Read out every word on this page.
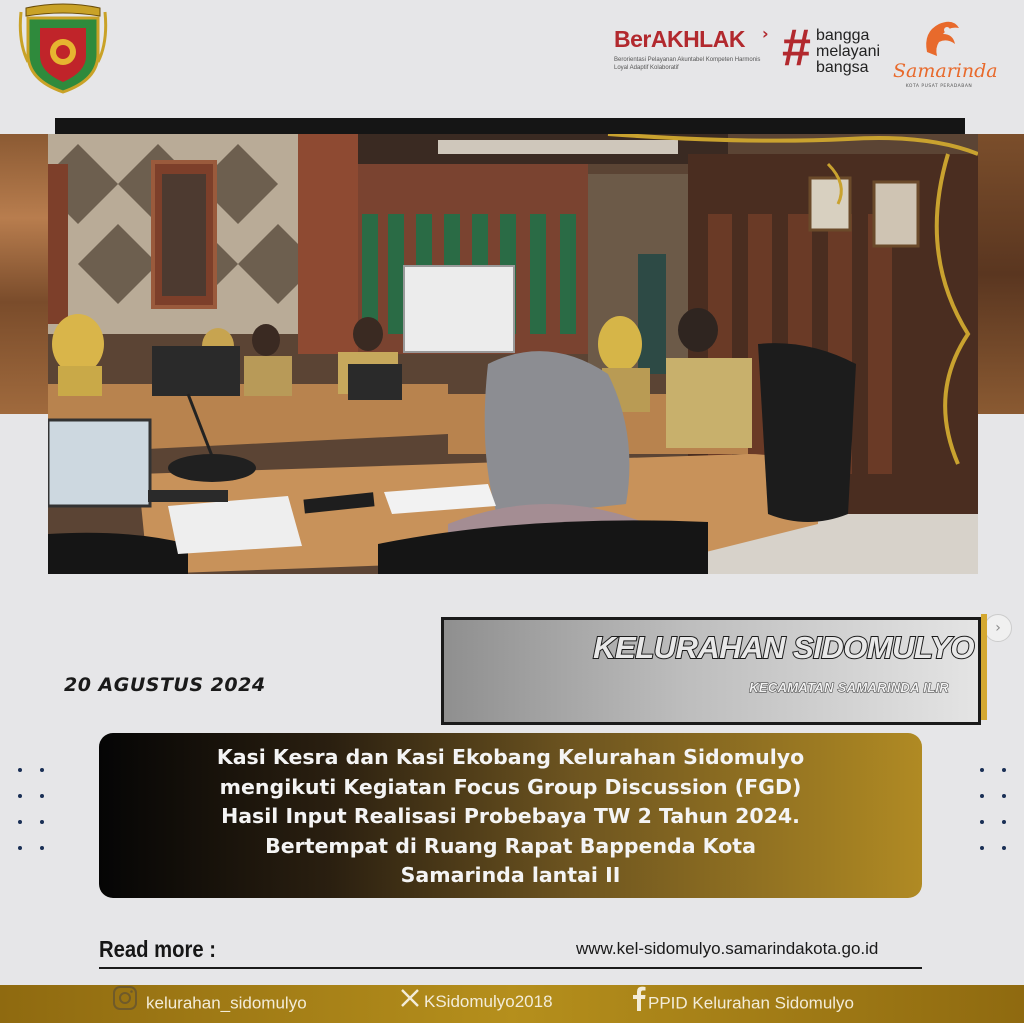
BerAKHLAK	›
Berorientasi Pelayanan Akuntabel Kompeten Harmonis Loyal Adaptif Kolaboratif	# bangga
melayani
bangsa	Samarinda
KOTA PUSAT PERADABAN
›
20 AGUSTUS 2024
KELURAHAN SIDOMULYO
KECAMATAN SAMARINDA ILIR
Kasi Kesra dan Kasi Ekobang Kelurahan Sidomulyo
mengikuti Kegiatan Focus Group Discussion (FGD)
Hasil Input Realisasi Probebaya TW 2 Tahun 2024.
Bertempat di Ruang Rapat Bappenda Kota
Samarinda lantai II
Read more :	www.kel-sidomulyo.samarindakota.go.id
kelurahan_sidomulyo	KSidomulyo2018	PPID Kelurahan Sidomulyo
